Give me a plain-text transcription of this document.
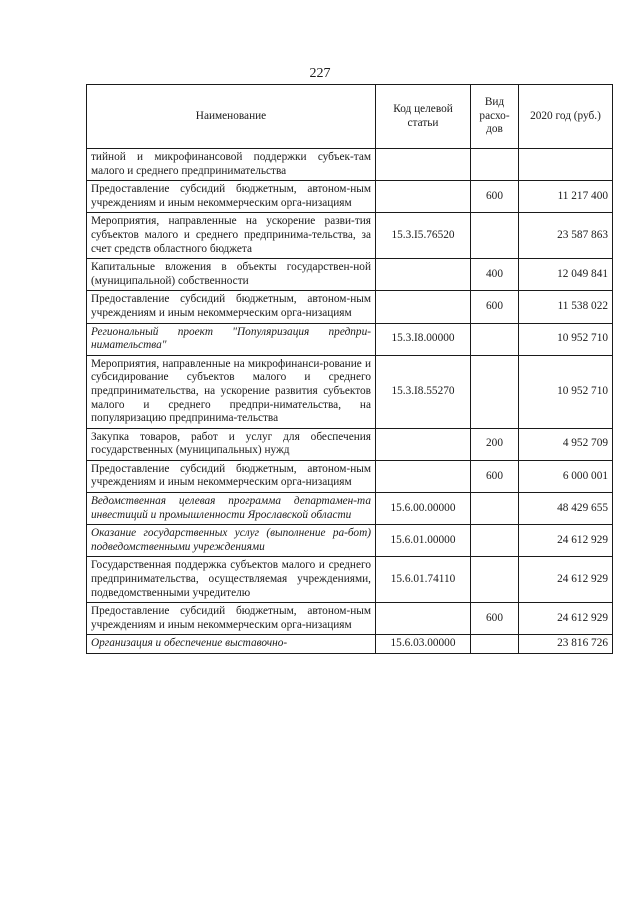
227
Наименование	Код целевой статьи	Вид расхо-дов	2020 год (руб.)
тийной и микрофинансовой поддержки субъек-там малого и среднего предпринимательства			
Предоставление субсидий бюджетным, автоном-ным учреждениям и иным некоммерческим орга-низациям		600	11 217 400
Мероприятия, направленные на ускорение разви-тия субъектов малого и среднего предпринима-тельства, за счет средств областного бюджета	15.3.I5.76520		23 587 863
Капитальные вложения в объекты государствен-ной (муниципальной) собственности		400	12 049 841
Предоставление субсидий бюджетным, автоном-ным учреждениям и иным некоммерческим орга-низациям		600	11 538 022
Региональный проект "Популяризация предпри-нимательства"	15.3.I8.00000		10 952 710
Мероприятия, направленные на микрофинанси-рование и субсидирование субъектов малого и среднего предпринимательства, на ускорение развития субъектов малого и среднего предпри-нимательства, на популяризацию предпринима-тельства	15.3.I8.55270		10 952 710
Закупка товаров, работ и услуг для обеспечения государственных (муниципальных) нужд		200	4 952 709
Предоставление субсидий бюджетным, автоном-ным учреждениям и иным некоммерческим орга-низациям		600	6 000 001
Ведомственная целевая программа департамен-та инвестиций и промышленности Ярославской области	15.6.00.00000		48 429 655
Оказание государственных услуг (выполнение ра-бот) подведомственными учреждениями	15.6.01.00000		24 612 929
Государственная поддержка субъектов малого и среднего предпринимательства, осуществляемая учреждениями, подведомственными учредителю	15.6.01.74110		24 612 929
Предоставление субсидий бюджетным, автоном-ным учреждениям и иным некоммерческим орга-низациям		600	24 612 929
Организация и обеспечение выставочно-	15.6.03.00000		23 816 726
